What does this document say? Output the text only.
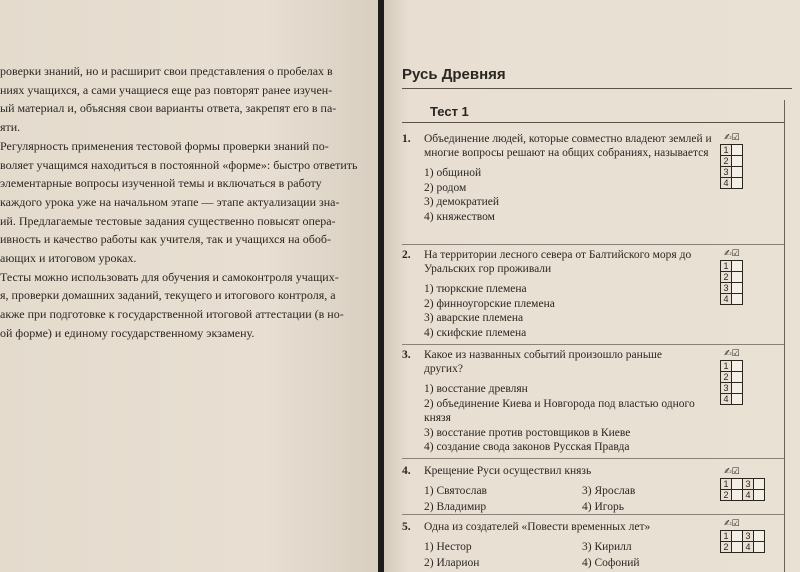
роверки знаний, но и расширит свои представления о пробелах в

ниях учащихся, а сами учащиеся еще раз повторят ранее изучен-

ый материал и, объясняя свои варианты ответа, закрепят его в па-

яти.

Регулярность применения тестовой формы проверки знаний по-

воляет учащимся находиться в постоянной «форме»: быстро ответить

элементарные вопросы изученной темы и включаться в работу

каждого урока уже на начальном этапе — этапе актуализации зна-

ий. Предлагаемые тестовые задания существенно повысят опера-

ивность и качество работы как учителя, так и учащихся на обоб-

ающих и итоговом уроках.

Тесты можно использовать для обучения и самоконтроля учащих-

я, проверки домашних заданий, текущего и итогового контроля, а

акже при подготовке к государственной итоговой аттестации (в но-

ой форме) и единому государственному экзамену.

Русь Древняя
Тест 1
1. Объединение людей, которые совместно владеют землей и многие вопросы решают на общих собраниях, называется
1) общиной
2) родом
3) демократией
4) княжеством
✍☑
1
2
3
4
2. На территории лесного севера от Балтийского моря до Уральских гор проживали
1) тюркские племена
2) финноугорские племена
3) аварские племена
4) скифские племена
✍☑
1
2
3
4
3. Какое из названных событий произошло раньше других?
1) восстание древлян
2) объединение Киева и Новгорода под властью одного князя
3) восстание против ростовщиков в Киеве
4) создание свода законов Русская Правда
✍☑
1
2
3
4
4. Крещение Руси осуществил князь
1) Святослав	3) Ярослав
2) Владимир	4) Игорь
✍☑
1	3
2	4
5. Одна из создателей «Повести временных лет»
1) Нестор	3) Кирилл
2) Иларион	4) Софоний
✍☑
1	3
2	4
